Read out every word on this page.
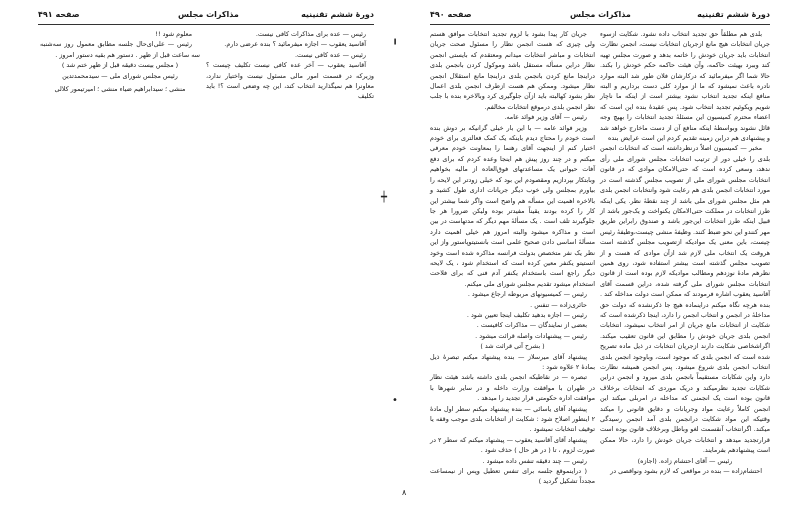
دورۀ ششم تقنینیه
مذاکرات مجلس
صفحه ۴۹۱

رئیس — عده برای مذاکرات کافی نیست.

آقاسید یعقوب — اجازه میفرمائید ؟ بنده عرضی دارم.

رئیس — عده کافی نیست.

آقاسید یعقوب — آخر عده کافی نیست تکلیف چیست ؟ وزیرکه در قسمت امور مالی مسئول نیست واختیار ندارد، معاونرا هم نمیگذارید انتخاب کند، این چه وضعی است ؟! باید تکلیف

معلوم شود !!

رئیس — علی‌ای‌حال جلسه مطابق معمول روز سه‌شنبه سه ساعت قبل از ظهر . دستور هم بقیه دستور امروز .

( مجلس بیست دقیقه قبل از ظهر ختم شد )

رئیس مجلس شورای ملی — سیدمحمدتدین

منشی ؛ سیدابراهیم ضیاء منشی ؛ امیرتیمور کلالی

╻
┿
•
دورۀ ششم تقنینیه
مذاکرات مجلس
صفحه ۴۹۰

بلدی هم مطلقاً حق تجدید انتخاب داده نشود. شکایت ازسوء جریان انتخابات هیچ مانع ازجریان انتخابات نیست، انجمن نظارت انتخابات باید جریان خودش را خاتمه بدهد و صورت مجلس تهیه کند وببرد بهیئت حاکمه، وآن هیئت حاکمه حکم خودش را بکند. حالا شما اگر میفرمائید که درکارشان فلان طور شد البته موارد نادره باعث نمیشود که ما از موارد کلی دست برداریم و البته منافع اینکه تجدید انتخاب نشود بیشتر است از اینکه ما ناچار شویم ویکوئیم تجدید انتخاب شود. پس عقیدهٔ بنده این است که اعضاء محترم کمیسیون این مسئلهٔ تجدید انتخابات را بهیچ وجه قائل نشوند وبواسطهٔ اینکه منافع آن از دست ماخارج خواهد شد و پیشنهادی هم دراین زمینه تقدیم کردم این است عرایض بنده

مخبر — کمیسیون اصلاً درنظرداشته است که انتخابات انجمن بلدی را خیلی دور از ترتیب انتخابات مجلس شورای ملی رأی ندهد، وسعی کرده است که حتی‌الامکان موادی که در قانون انتخابات مجلس شورای ملی از تصویب مجلس گذشته است در مورد انتخابات انجمن بلدی هم رعایت شود وانتخابات انجمن بلدی هم مثل مجلس شورای ملی باشد از چند نقطهٔ نظر. یکی اینکه طرز انتخابات در مملکت حتی‌الامکان یکنواخت و یک‌جور باشد از قبیل اینکه طرز انتخابات این‌جور باشد و صندوق رابراین طریق مهر کنندو این نحو ضبط کنند. وظیفهٔ منشی چیست،وظیفهٔ رئیس چیست، باین معنی یک موادیکه ازتصویب مجلس گذشته است هروقت یک انتخاب ملی لازم شد ازآن موادی که هست و از تصویب مجلس گذشته است بیشتر استفاده شود، روی همین نظرهم مادهٔ نوزدهم ومطالب موادیکه لازم بوده است از قانون انتخابات مجلس شورای ملی گرفته شده، دراین قسمت آقای آقاسید یعقوب اشاره فرمودند که ممکن است دولت مداخله کند . بنده هرچه نگاه میکنم دراینماده هیچ جا ذکرنشده که دولت حق مداخلهٔ در انجمن و انتخاب انجمن را دارد، اینجا ذکرشده است که شکایت از انتخابات مانع جریان از امر انتخاب نمیشود، انتخابات انجمن بلدی جریان خودش را مطابق این قانون تعقیب میکند. اگراشخاصی شکایت دارند ازجریان انتخابات در ذیل ماده تصریح شده است که انجمن بلدی که موجود است، وباوجود انجمن بلدی انتخاب انجمن بلدی شروع میشود. پس انجمن همیشه نظارت دارد واین شکایات مستقیماً بانجمن بلدی میرود و انجمن دراین شکایات تجدید نظرمیکند و دریک موردی که انتخابات برخلاف قانون بوده است یک انجمنی که مداخله در امربلی میکند این انجمن کاملاً رعایت مواد وجریانات و دقایق قانونی را میکند وقتیکه این مواد شکایت درانجمن بلدی آمد انجمن رسیدگی میکند. اگرانتخاب آنقسمت لغو وباطل وبرخلاف قانون بوده است قرارتجدید میدهد و انتخابات جریان خودش را دارد، حالا ممکن است پیشنهادهم بفرمایند.

رئیس — آقای احتشام زاده. (اجازه)

احتشام‌زاده — بنده در مواقعی که لازم بشود ونواقصی در

جریان کار پیدا بشود با لزوم تجدید انتخابات موافق هستم ولی چیزی که هست انجمن نظار را مسئول صحت جریان انتخابات و مباشر انتخابات میدانم ومعتقدم که بایستی انجمن نظار دراین مسأله مستقل باشد وموکول کردن بانجمن بلدی دراینجا مانع کردن بانجمن بلدی دراینجا مانع استقلال انجمن نظار میشود. وممکن هم هست ازطرف انجمن بلدی اعمال نظر بشود کهالبته باید ازآن جلوگیری کرد وبالاخره بنده با جلب نظر انجمن بلدی درموقع انتخابات مخالفم.

رئیس — آقای وزیر فوائد عامه.

وزیر فوائد عامه — با این بار خیلی گرانیکه بر دوش بنده است خودم را محتاج دیدم باینکه یک کمک فعالتری برای خودم اختیار کنم از اینجهت آقای رهنما را بمعاونت خودم معرفی میکنم و در چند روز پیش هم اینجا وعده کردم که برای دفع آفات حیوانی یک مساعدتهای فوق‌العاده از مالیه بخواهیم وبابتکار بپردازیم ومقصودم این بود که خیلی زودتر این لایحه را بیاورم بمجلس ولی خوب دیگر جریانات اداری طول کشید و بالاخره اهمیت این مسأله هم واضح است واگر شما بیشتر این کار را کرده بودند یقیناً مفیدتر بوده ولیکن ضرورا هر جا جلوگیرند تلف است . یک مسألهٔ مهم دیگر که مدتهاست در بین است و مذاکره میشود والبته امروز هم خیلی اهمیت دارد مسألهٔ اساسی دادن صحیح علمی است بانستیتوپاستور واز این نظر یک نفر متخصص بدولت فرانسه مذاکره شده است وخود انستیتو یکنفر معین کرده است که استخدام شود ، یک لایحه دیگر راجع است باستخدام یکنفر آدم فنی که برای فلاحت استخدام میشود تقدیم مجلس شورای ملی میکنم.

رئیس — کمیسیونهای مربوطه ارجاع میشود .

حائری‌زاده — تنفس .

رئیس — اجازه بدهید تکلیف اینجا تعیین شود .

بعضی از نمایندگان — مذاکرات کافیست .

رئیس — پیشنهادات واصله قرائت میشود .

( بشرح آتی قرائت شد )

پیشنهاد آقای میرسلاز — بنده پیشنهاد میکنم تبصرهٔ ذیل بمادهٔ ۲ علاوه شود :

تبصره — در نقاطیکه انجمن بلدی داشته باشد هیئت نظار در طهران با موافقت وزارت داخله و در سایر شهرها با موافقت اداره حکومتی قرار تجدید را میدهد .

پیشنهاد آقای یاسائی — بنده پیشنهاد میکنم سطر اول مادهٔ ۲ اینطور اصلاح شود : شکایت از انتخابات بلدی موجب وقفه یا توقیف انتخابات نمیشود .

پیشنهاد آقای آقاسید یعقوب — پیشنهاد میکنم که سطر ۲ در صورت لزوم ، تا ( در هر حال ) حذف شود .

رئیس — چند دقیقه تنفس داده میشود .

( دراینموقع جلسه برای تنفس تعطیل وپس از نیمساعت مجدداً تشکیل گردید )

۸
